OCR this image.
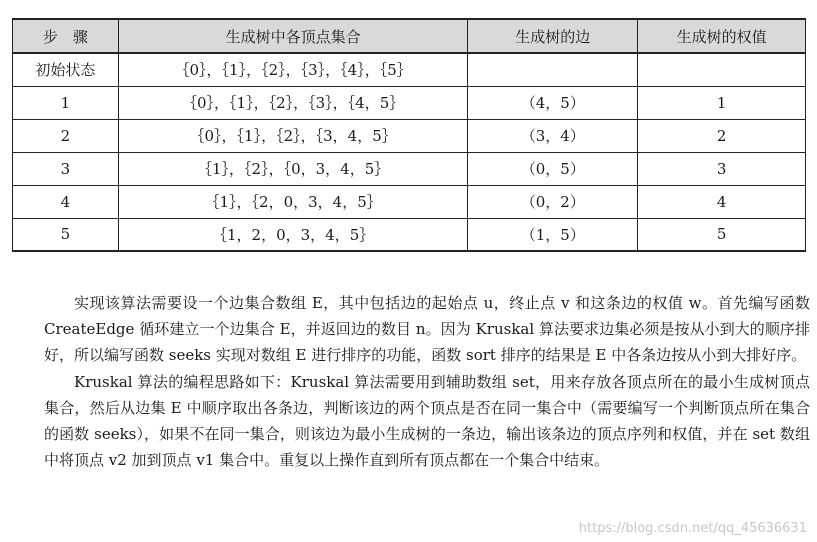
步　骤	生成树中各顶点集合	生成树的边	生成树的权值
初始状态	｛0｝，｛1｝，｛2｝，｛3｝，｛4｝，｛5｝		
1	｛0｝，｛1｝，｛2｝，｛3｝，｛4，5｝	（4，5）	1
2	｛0｝，｛1｝，｛2｝，｛3，4，5｝	（3，4）	2
3	｛1｝，｛2｝，｛0，3，4，5｝	（0，5）	3
4	｛1｝，｛2，0，3，4，5｝	（0，2）	4
5	｛1，2，0，3，4，5｝	（1，5）	5

实现该算法需要设一个边集合数组 E，其中包括边的起始点 u，终止点 v 和这条边的权值 w。首先编写函数 CreateEdge 循环建立一个边集合 E，并返回边的数目 n。因为 Kruskal 算法要求边集必须是按从小到大的顺序排好，所以编写函数 seeks 实现对数组 E 进行排序的功能，函数 sort 排序的结果是 E 中各条边按从小到大排好序。

Kruskal 算法的编程思路如下：Kruskal 算法需要用到辅助数组 set，用来存放各顶点所在的最小生成树顶点集合，然后从边集 E 中顺序取出各条边，判断该边的两个顶点是否在同一集合中（需要编写一个判断顶点所在集合的函数 seeks），如果不在同一集合，则该边为最小生成树的一条边，输出该条边的顶点序列和权值，并在 set 数组中将顶点 v2 加到顶点 v1 集合中。重复以上操作直到所有顶点都在一个集合中结束。

https://blog.csdn.net/qq_45636631
